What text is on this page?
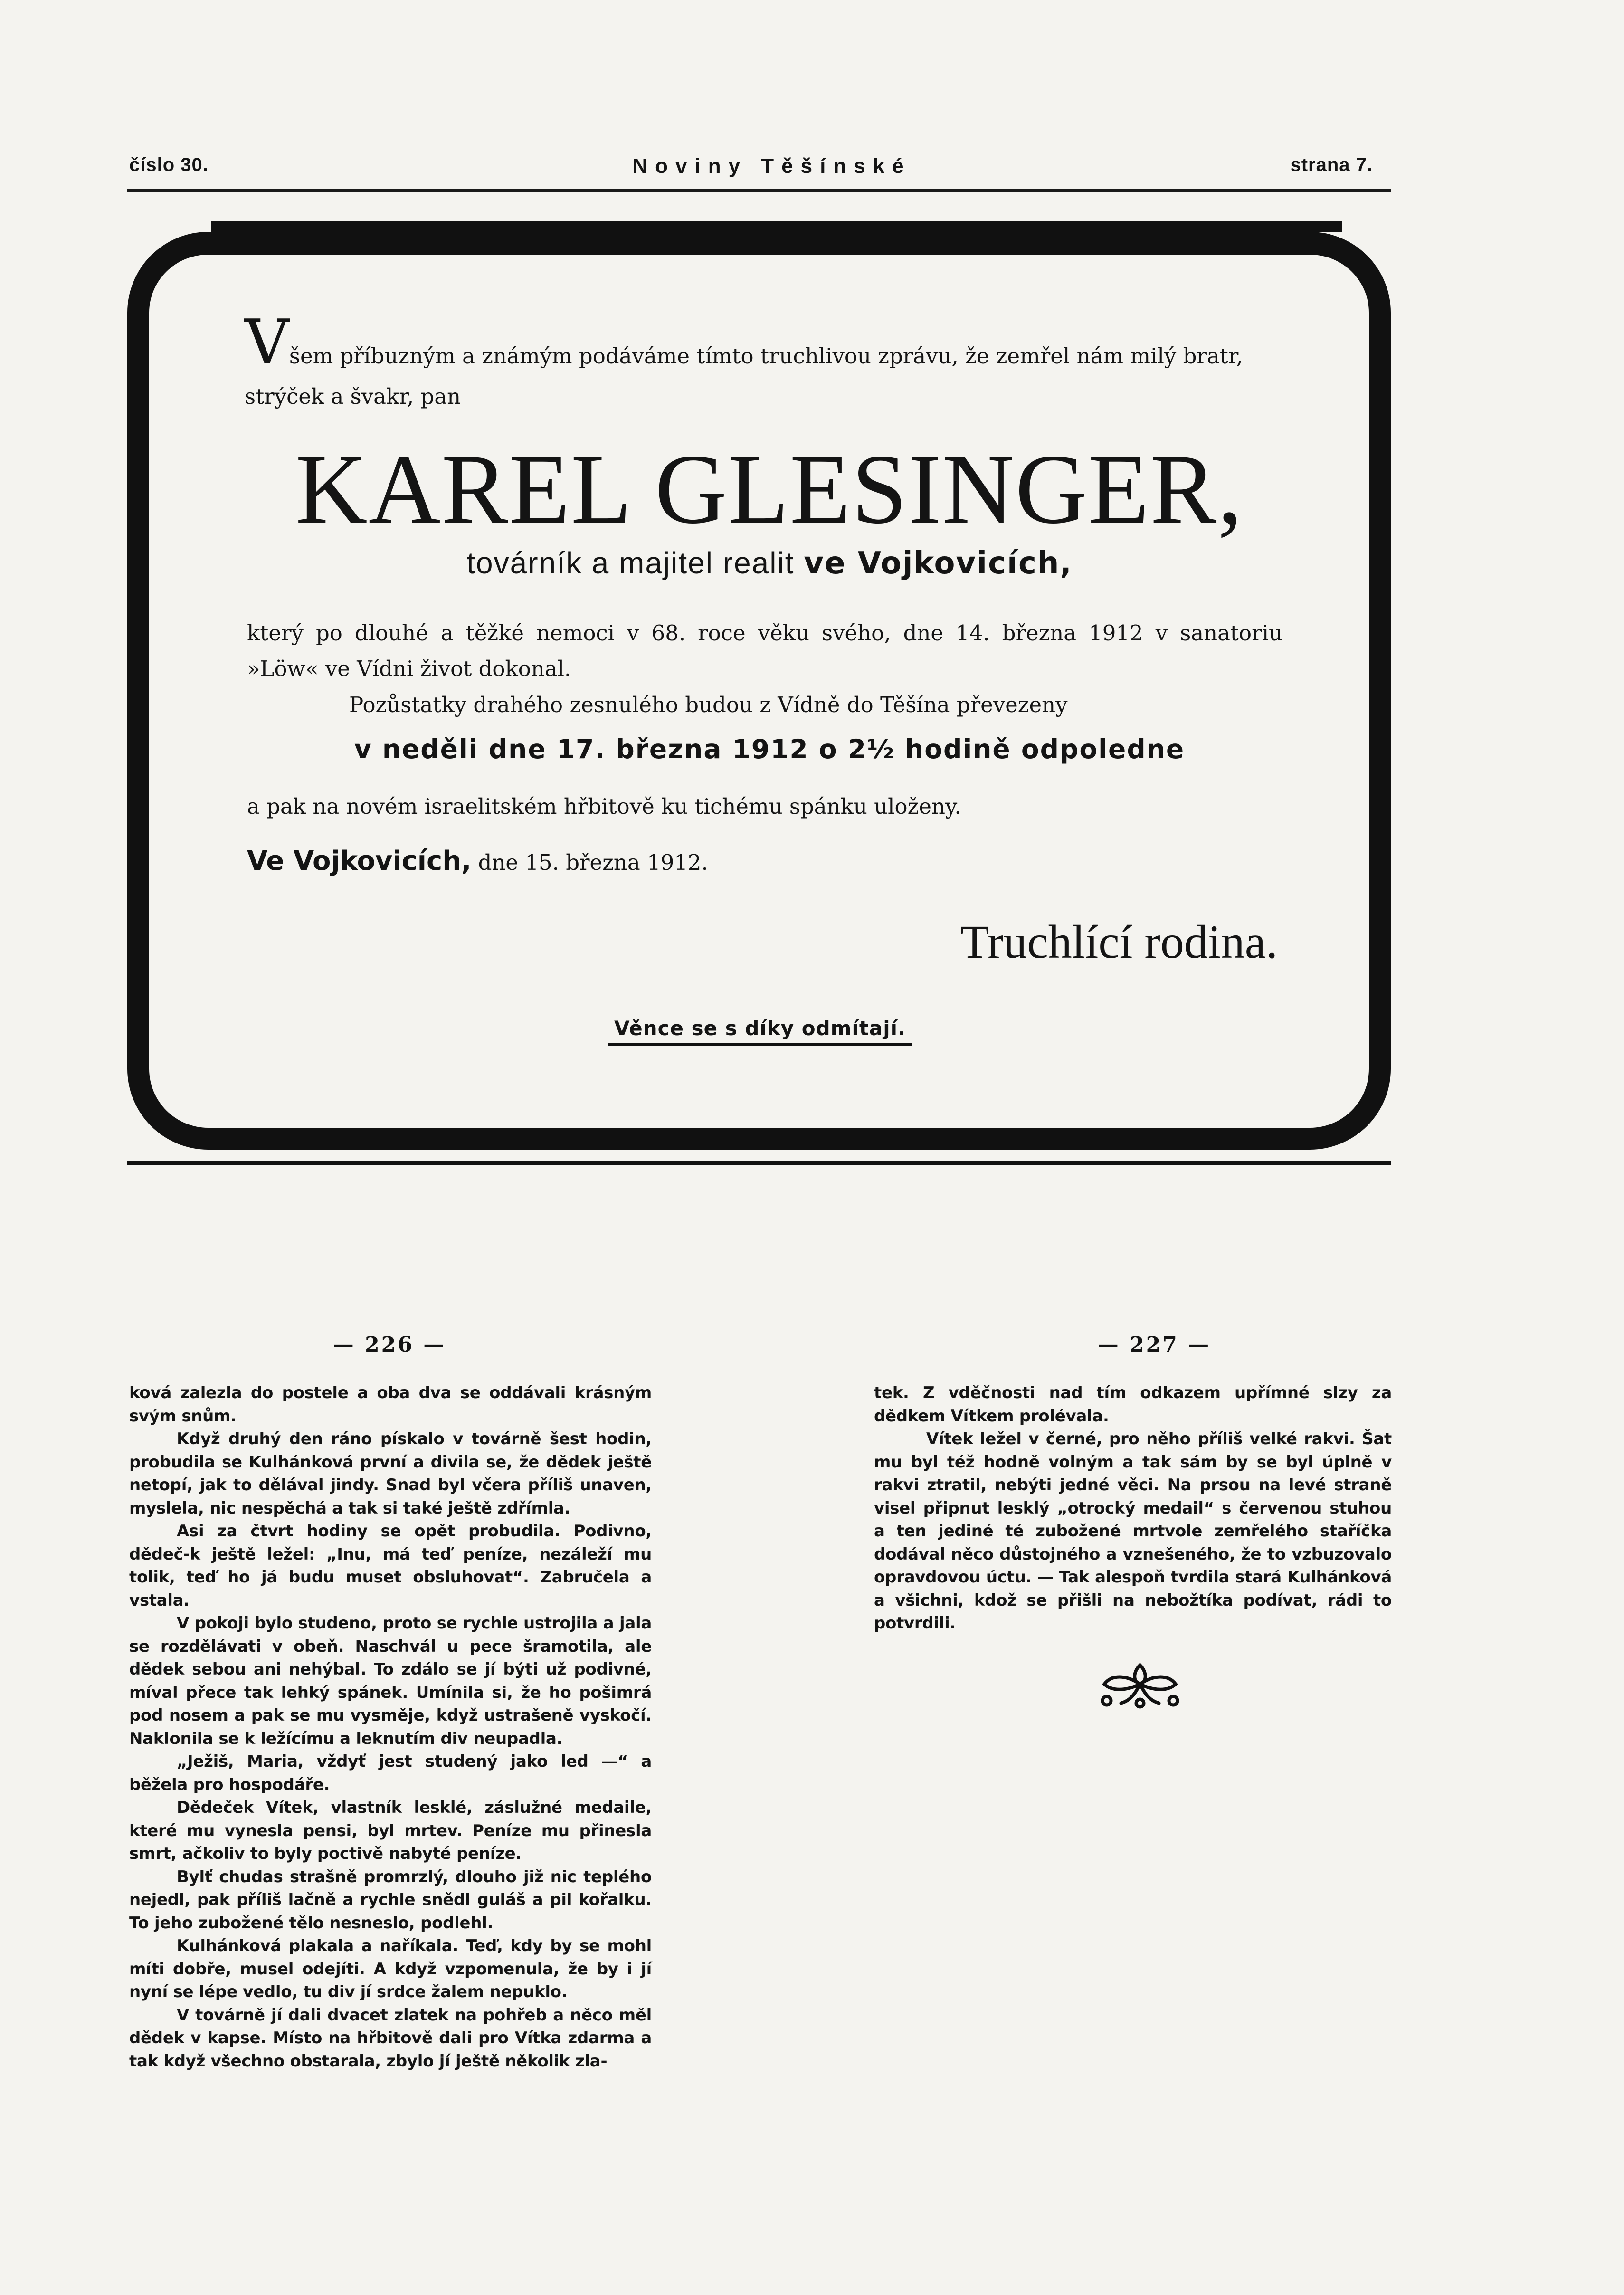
číslo 30.	Noviny Těšínské	strana 7.
Všem příbuzným a známým podáváme tímto truchlivou zprávu, že zemřel nám milý bratr, strýček a švakr, pan
KAREL GLESINGER,
továrník a majitel realit ve Vojkovicích,
který po dlouhé a těžké nemoci v 68. roce věku svého, dne 14. března 1912 v sanatoriu
»Löw« ve Vídni život dokonal.
Pozůstatky drahého zesnulého budou z Vídně do Těšína převezeny
v neděli dne 17. března 1912 o 2½ hodině odpoledne
a pak na novém israelitském hřbitově ku tichému spánku uloženy.
Ve Vojkovicích, dne 15. března 1912.
Truchlící rodina.
Věnce se s díky odmítají.
— 226 —	— 227 —

ková zalezla do postele a oba dva se oddávali krásným svým snům.

Když druhý den ráno pískalo v továrně šest hodin, probudila se Kulhánková první a divila se, že dědek ještě netopí, jak to dělával jindy. Snad byl včera příliš unaven, myslela, nic nespěchá a tak si také ještě zdřímla.

Asi za čtvrt hodiny se opět probudila. Podivno, dědeč-k ještě ležel: „Inu, má teď peníze, nezáleží mu tolik, teď ho já budu muset obsluhovat“. Zabručela a vstala.

V pokoji bylo studeno, proto se rychle ustrojila a jala se rozdělávati v obeň. Naschvál u pece šramotila, ale dědek sebou ani nehýbal. To zdálo se jí býti už podivné, míval přece tak lehký spánek. Umínila si, že ho pošimrá pod nosem a pak se mu vysměje, když ustrašeně vyskočí. Naklonila se k ležícímu a leknutím div neupadla.

„Ježiš, Maria, vždyť jest studený jako led —“ a běžela pro hospodáře.

Dědeček Vítek, vlastník lesklé, záslužné medaile, které mu vynesla pensi, byl mrtev. Peníze mu přinesla smrt, ačkoliv to byly poctivě nabyté peníze.

Bylť chudas strašně promrzlý, dlouho již nic teplého nejedl, pak příliš lačně a rychle snědl guláš a pil kořalku. To jeho zubožené tělo nesneslo, podlehl.

Kulhánková plakala a naříkala. Teď, kdy by se mohl míti dobře, musel odejíti. A když vzpomenula, že by i jí nyní se lépe vedlo, tu div jí srdce žalem nepuklo.

V továrně jí dali dvacet zlatek na pohřeb a něco měl dědek v kapse. Místo na hřbitově dali pro Vítka zdarma a tak když všechno obstarala, zbylo jí ještě několik zla-

tek. Z vděčnosti nad tím odkazem upřímné slzy za dědkem Vítkem prolévala.

Vítek ležel v černé, pro něho příliš velké rakvi. Šat mu byl též hodně volným a tak sám by se byl úplně v rakvi ztratil, nebýti jedné věci. Na prsou na levé straně visel připnut lesklý „otrocký medail“ s červenou stuhou a ten jediné té zubožené mrtvole zemřelého staříčka dodával něco důstojného a vznešeného, že to vzbuzovalo opravdovou úctu. — Tak alespoň tvrdila stará Kulhánková a všichni, kdož se přišli na nebožtíka podívat, rádi to potvrdili.
